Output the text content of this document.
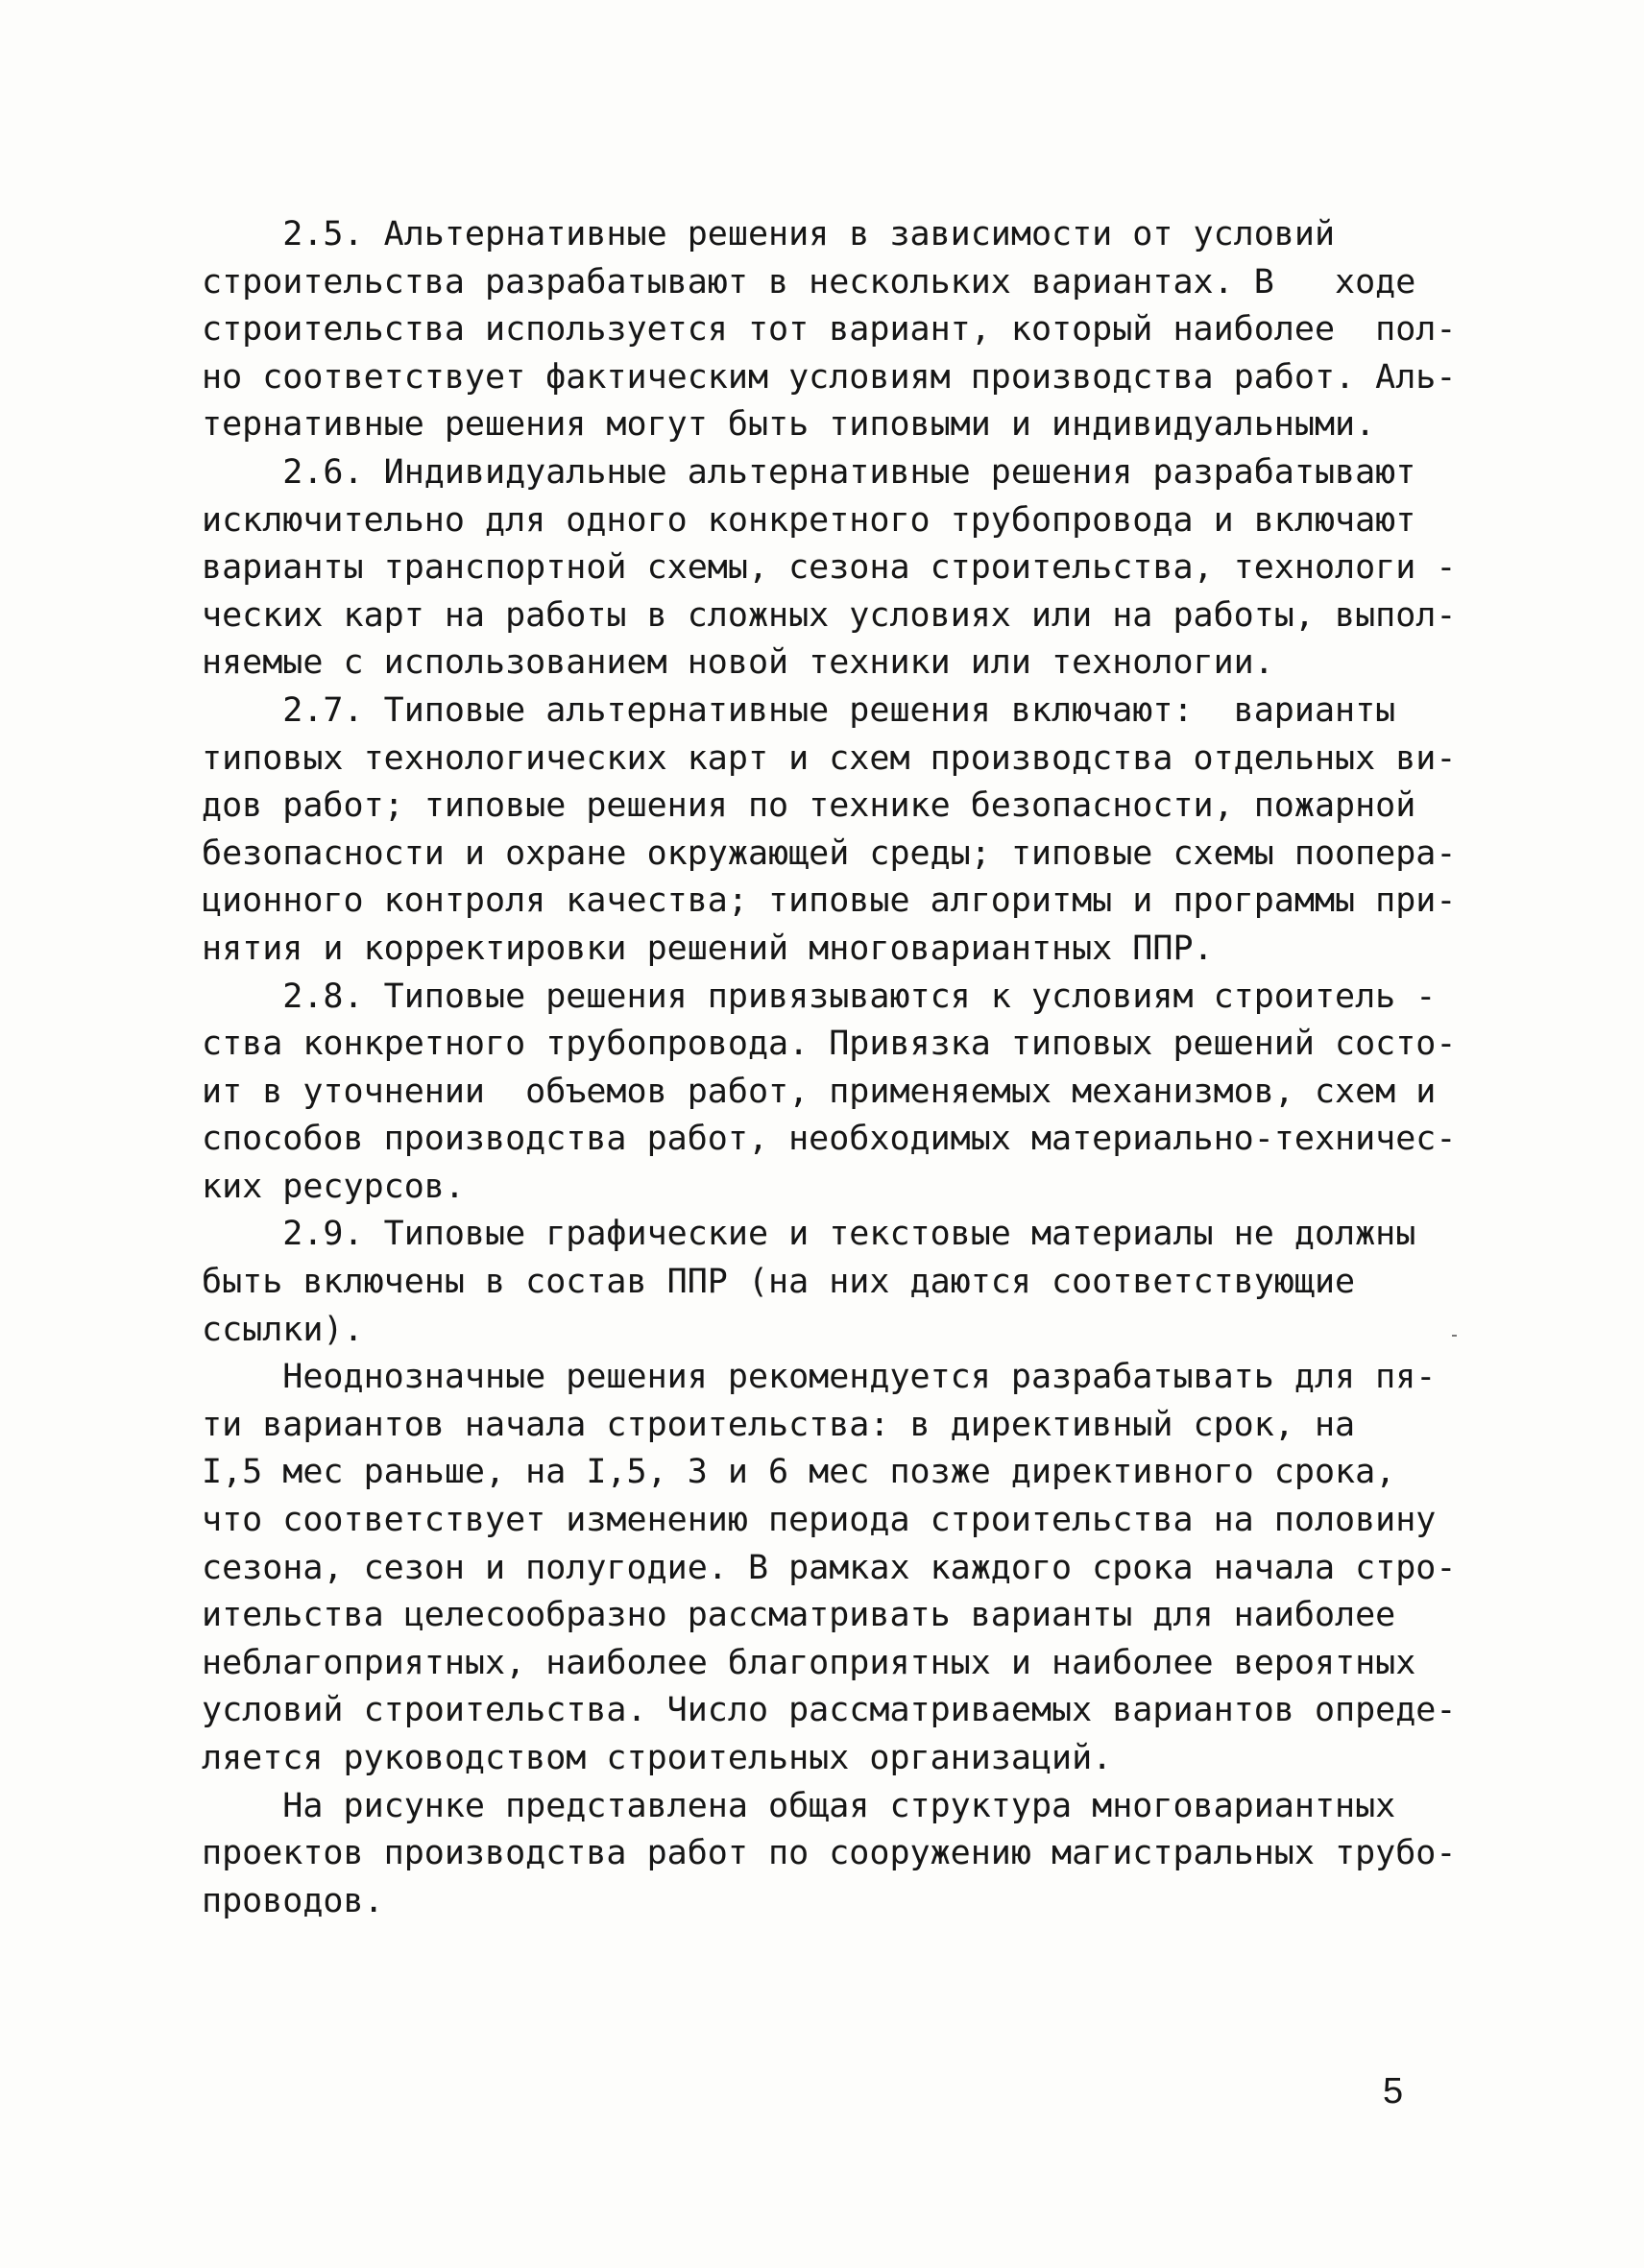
2.5. Альтернативные решения в зависимости от условий
строительства разрабатывают в нескольких вариантах. В   ходе
строительства используется тот вариант, который наиболее  пол-
но соответствует фактическим условиям производства работ. Аль-
тернативные решения могут быть типовыми и индивидуальными.
2.6. Индивидуальные альтернативные решения разрабатывают
исключительно для одного конкретного трубопровода и включают
варианты транспортной схемы, сезона строительства, технологи -
ческих карт на работы в сложных условиях или на работы, выпол-
няемые с использованием новой техники или технологии.
2.7. Типовые альтернативные решения включают:  варианты
типовых технологических карт и схем производства отдельных ви-
дов работ; типовые решения по технике безопасности, пожарной
безопасности и охране окружающей среды; типовые схемы поопера-
ционного контроля качества; типовые алгоритмы и программы при-
нятия и корректировки решений многовариантных ППР.
2.8. Типовые решения привязываются к условиям строитель -
ства конкретного трубопровода. Привязка типовых решений состо-
ит в уточнении  объемов работ, применяемых механизмов, схем и
способов производства работ, необходимых материально-техничес-
ких ресурсов.
2.9. Типовые графические и текстовые материалы не должны
быть включены в состав ППР (на них даются соответствующие
ссылки).
Неоднозначные решения рекомендуется разрабатывать для пя-
ти вариантов начала строительства: в директивный срок, на
I,5 мес раньше, на I,5, 3 и 6 мес позже директивного срока,
что соответствует изменению периода строительства на половину
сезона, сезон и полугодие. В рамках каждого срока начала стро-
ительства целесообразно рассматривать варианты для наиболее
неблагоприятных, наиболее благоприятных и наиболее вероятных
условий строительства. Число рассматриваемых вариантов опреде-
ляется руководством строительных организаций.
На рисунке представлена общая структура многовариантных
проектов производства работ по сооружению магистральных трубо-
проводов.
5
